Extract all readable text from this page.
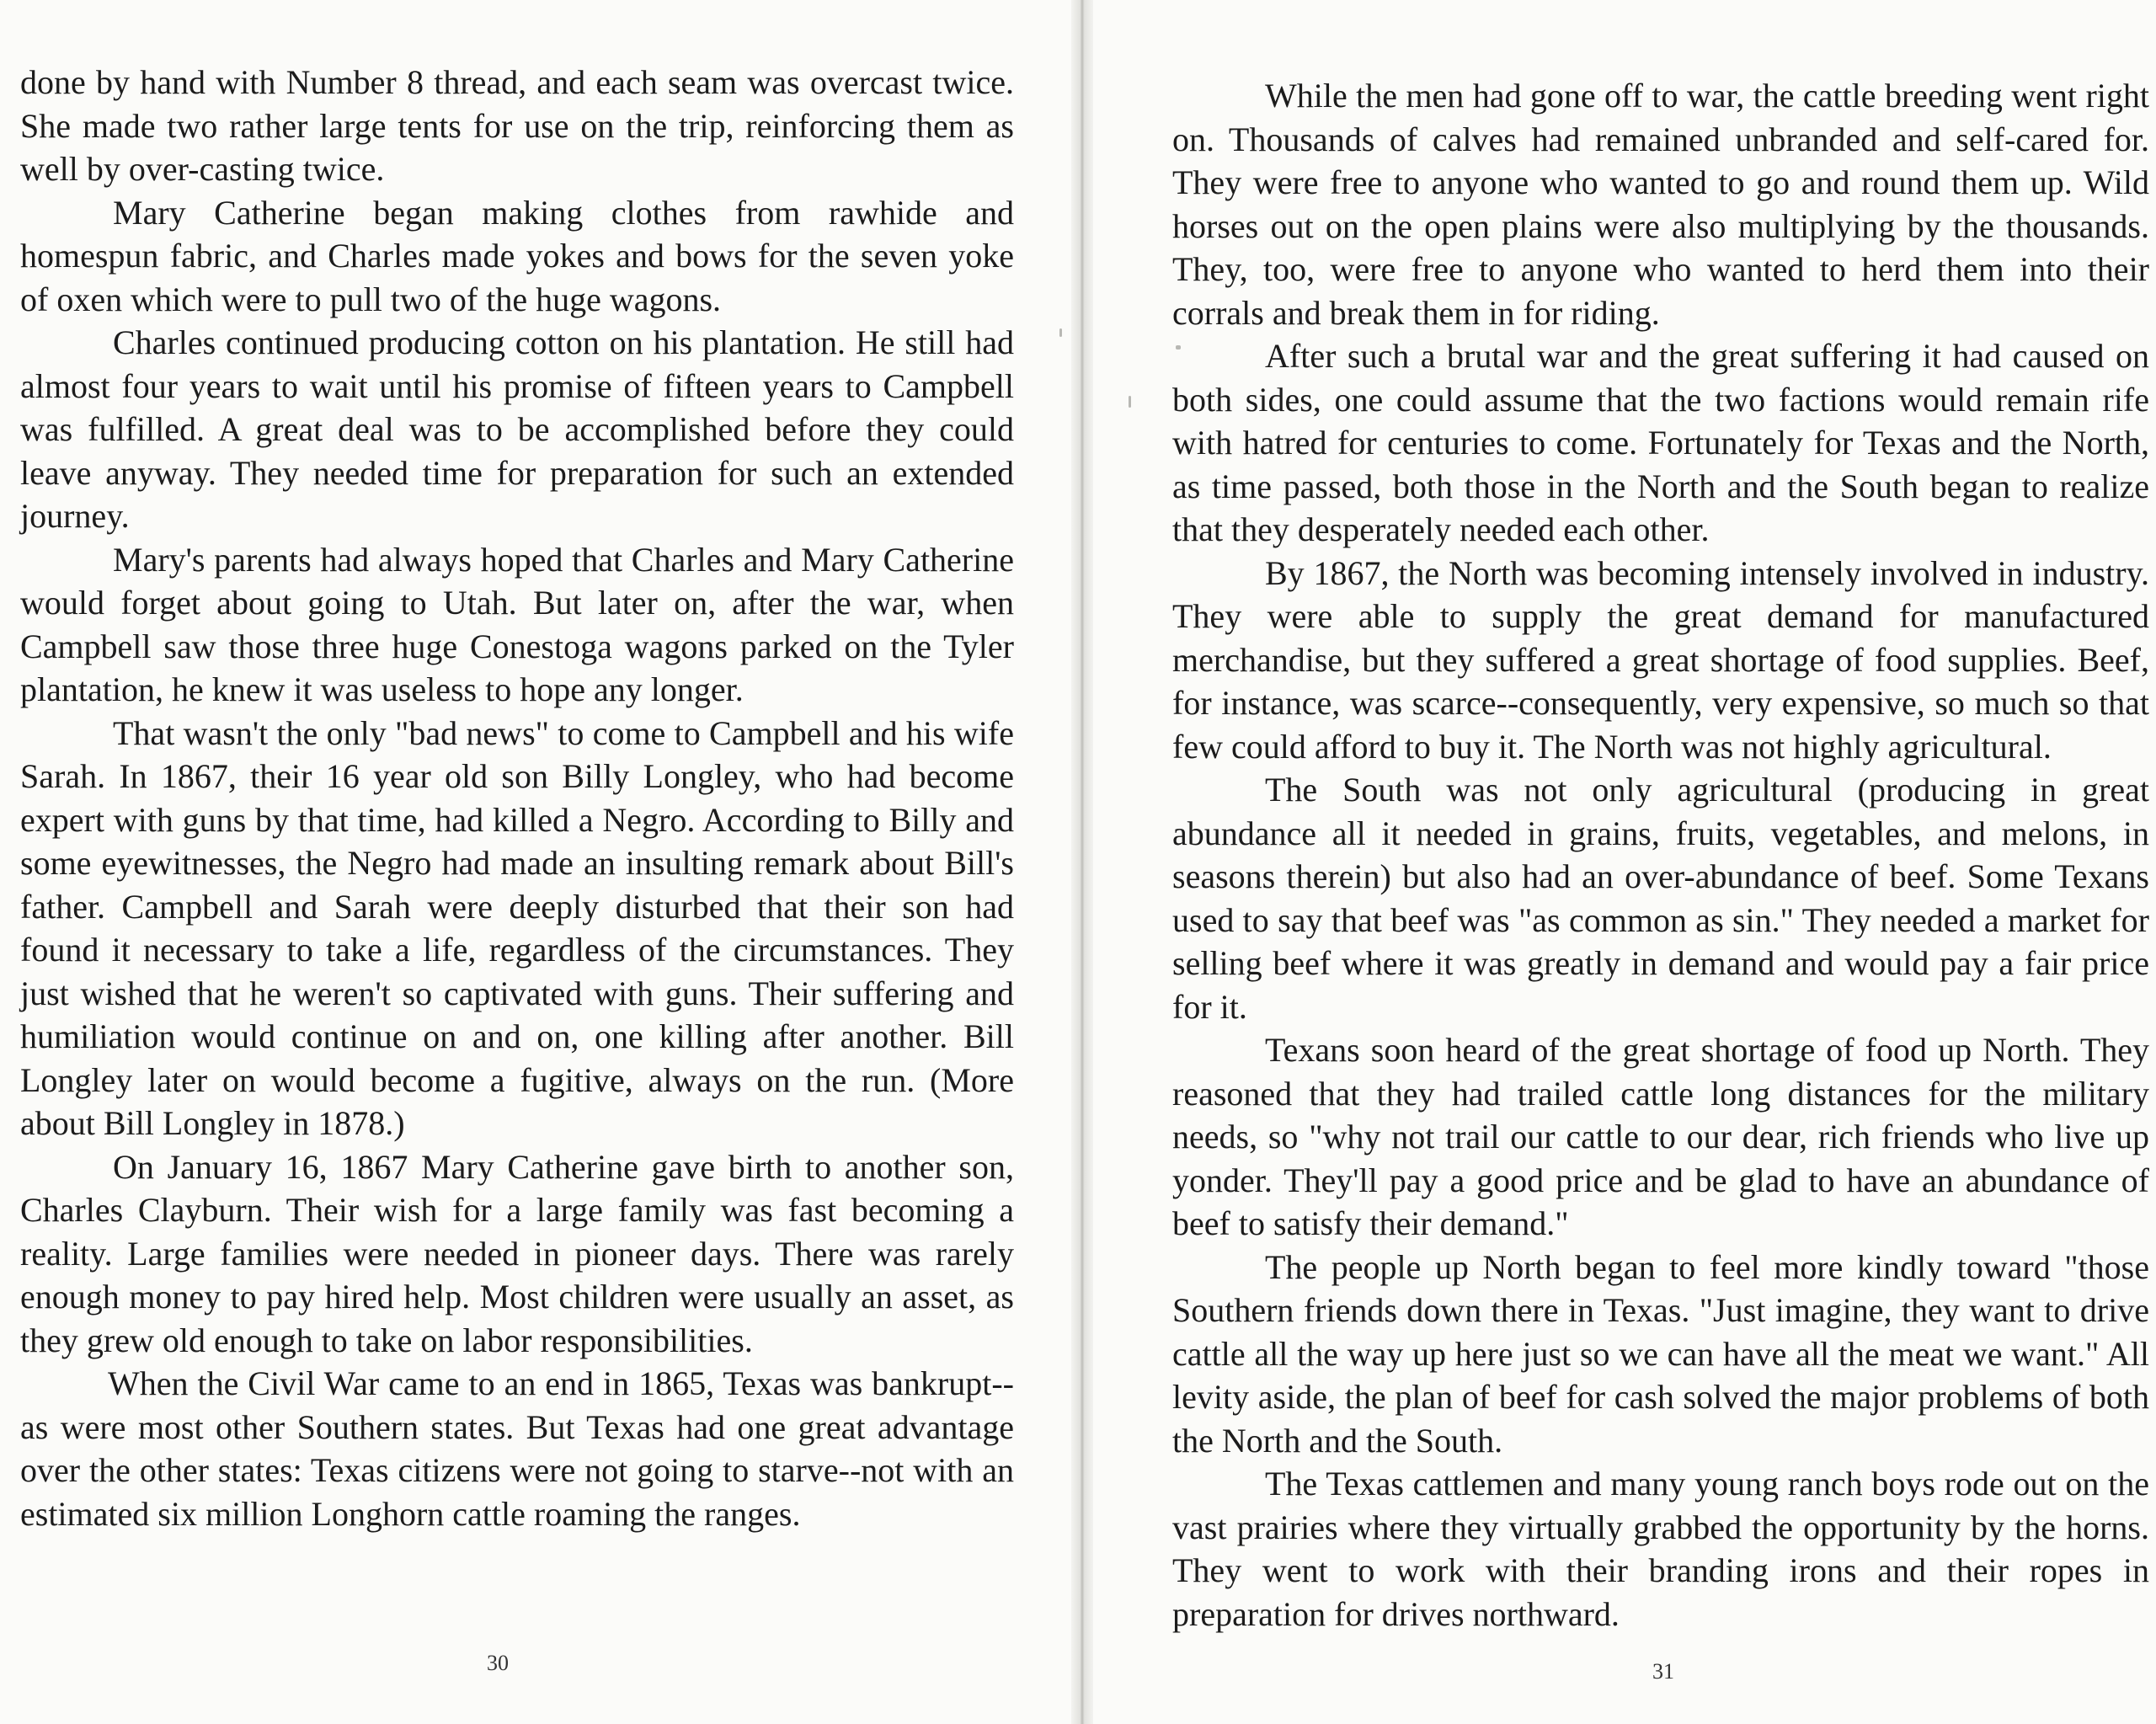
done by hand with Number 8 thread, and each seam was overcast twice. She made two rather large tents for use on the trip, reinforcing them as well by over-casting twice.

Mary Catherine began making clothes from rawhide and homespun fabric, and Charles made yokes and bows for the seven yoke of oxen which were to pull two of the huge wagons.

Charles continued producing cotton on his plantation. He still had almost four years to wait until his promise of fifteen years to Campbell was fulfilled. A great deal was to be accomplished before they could leave anyway. They needed time for preparation for such an extended journey.

Mary's parents had always hoped that Charles and Mary Catherine would forget about going to Utah. But later on, after the war, when Campbell saw those three huge Conestoga wagons parked on the Tyler plantation, he knew it was useless to hope any longer.

That wasn't the only "bad news" to come to Campbell and his wife Sarah. In 1867, their 16 year old son Billy Longley, who had become expert with guns by that time, had killed a Negro. According to Billy and some eyewitnesses, the Negro had made an insulting remark about Bill's father. Campbell and Sarah were deeply disturbed that their son had found it necessary to take a life, regardless of the circumstances. They just wished that he weren't so captivated with guns. Their suffering and humiliation would continue on and on, one killing after another. Bill Longley later on would become a fugitive, always on the run. (More about Bill Longley in 1878.)

On January 16, 1867 Mary Catherine gave birth to another son, Charles Clayburn. Their wish for a large family was fast becoming a reality. Large families were needed in pioneer days. There was rarely enough money to pay hired help. Most children were usually an asset, as they grew old enough to take on labor responsibilities.

When the Civil War came to an end in 1865, Texas was bankrupt--as were most other Southern states. But Texas had one great advantage over the other states: Texas citizens were not going to starve--not with an estimated six million Longhorn cattle roaming the ranges.

30

While the men had gone off to war, the cattle breeding went right on. Thousands of calves had remained unbranded and self-cared for. They were free to anyone who wanted to go and round them up. Wild horses out on the open plains were also multiplying by the thousands. They, too, were free to anyone who wanted to herd them into their corrals and break them in for riding.

After such a brutal war and the great suffering it had caused on both sides, one could assume that the two factions would remain rife with hatred for centuries to come. Fortunately for Texas and the North, as time passed, both those in the North and the South began to realize that they desperately needed each other.

By 1867, the North was becoming intensely involved in industry. They were able to supply the great demand for manufactured merchandise, but they suffered a great shortage of food supplies. Beef, for instance, was scarce--consequently, very expensive, so much so that few could afford to buy it. The North was not highly agricultural.

The South was not only agricultural (producing in great abundance all it needed in grains, fruits, vegetables, and melons, in seasons therein) but also had an over-abundance of beef. Some Texans used to say that beef was "as common as sin." They needed a market for selling beef where it was greatly in demand and would pay a fair price for it.

Texans soon heard of the great shortage of food up North. They reasoned that they had trailed cattle long distances for the military needs, so "why not trail our cattle to our dear, rich friends who live up yonder. They'll pay a good price and be glad to have an abundance of beef to satisfy their demand."

The people up North began to feel more kindly toward "those Southern friends down there in Texas. "Just imagine, they want to drive cattle all the way up here just so we can have all the meat we want." All levity aside, the plan of beef for cash solved the major problems of both the North and the South.

The Texas cattlemen and many young ranch boys rode out on the vast prairies where they virtually grabbed the opportunity by the horns. They went to work with their branding irons and their ropes in preparation for drives northward.

31
